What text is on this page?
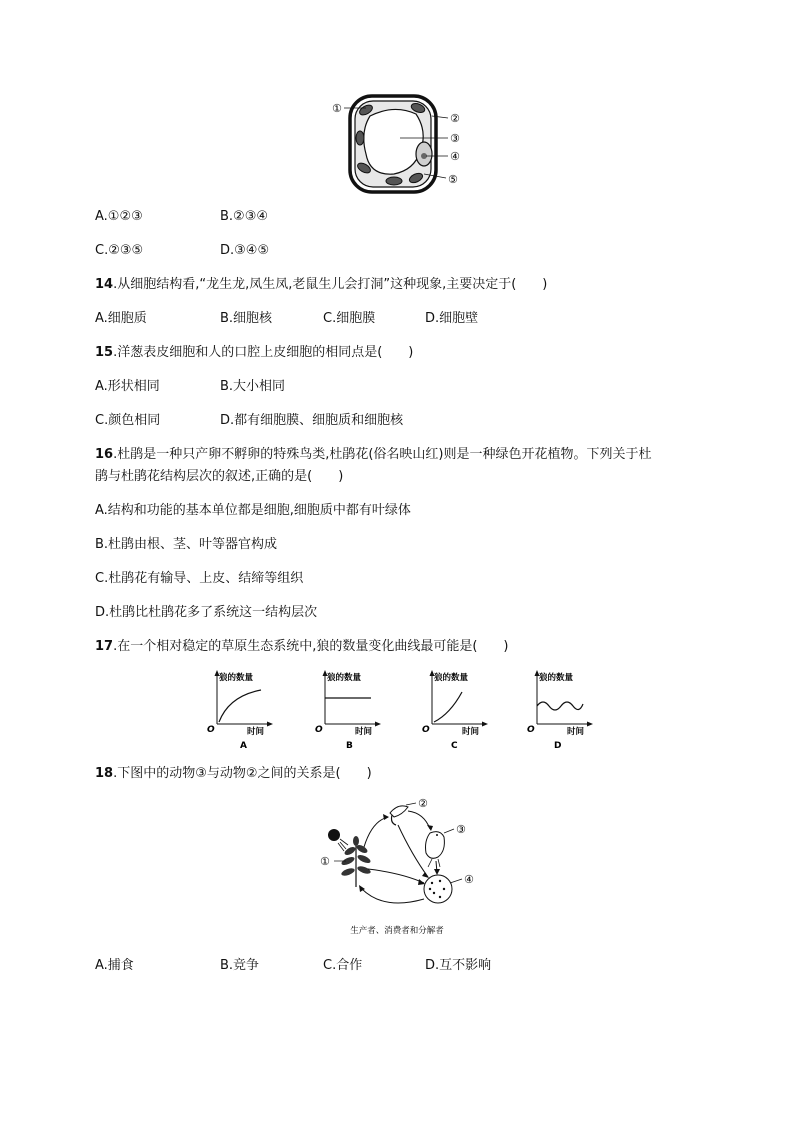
①
②
③
④
⑤
A.①②③	B.②③④
C.②③⑤	D.③④⑤
14.从细胞结构看,“龙生龙,凤生凤,老鼠生儿会打洞”这种现象,主要决定于(　　)
A.细胞质	B.细胞核	C.细胞膜	D.细胞壁
15.洋葱表皮细胞和人的口腔上皮细胞的相同点是(　　)
A.形状相同	B.大小相同
C.颜色相同	D.都有细胞膜、细胞质和细胞核
16.杜鹃是一种只产卵不孵卵的特殊鸟类,杜鹃花(俗名映山红)则是一种绿色开花植物。下列关于杜
鹃与杜鹃花结构层次的叙述,正确的是(　　)
A.结构和功能的基本单位都是细胞,细胞质中都有叶绿体
B.杜鹃由根、茎、叶等器官构成
C.杜鹃花有输导、上皮、结缔等组织
D.杜鹃比杜鹃花多了系统这一结构层次
17.在一个相对稳定的草原生态系统中,狼的数量变化曲线最可能是(　　)
狼的数量
时间
O
A
狼的数量
时间
O
B
狼的数量
时间
O
C
狼的数量
时间
O
D
18.下图中的动物③与动物②之间的关系是(　　)
①
②
③
④
生产者、消费者和分解者
A.捕食	B.竞争	C.合作	D.互不影响
